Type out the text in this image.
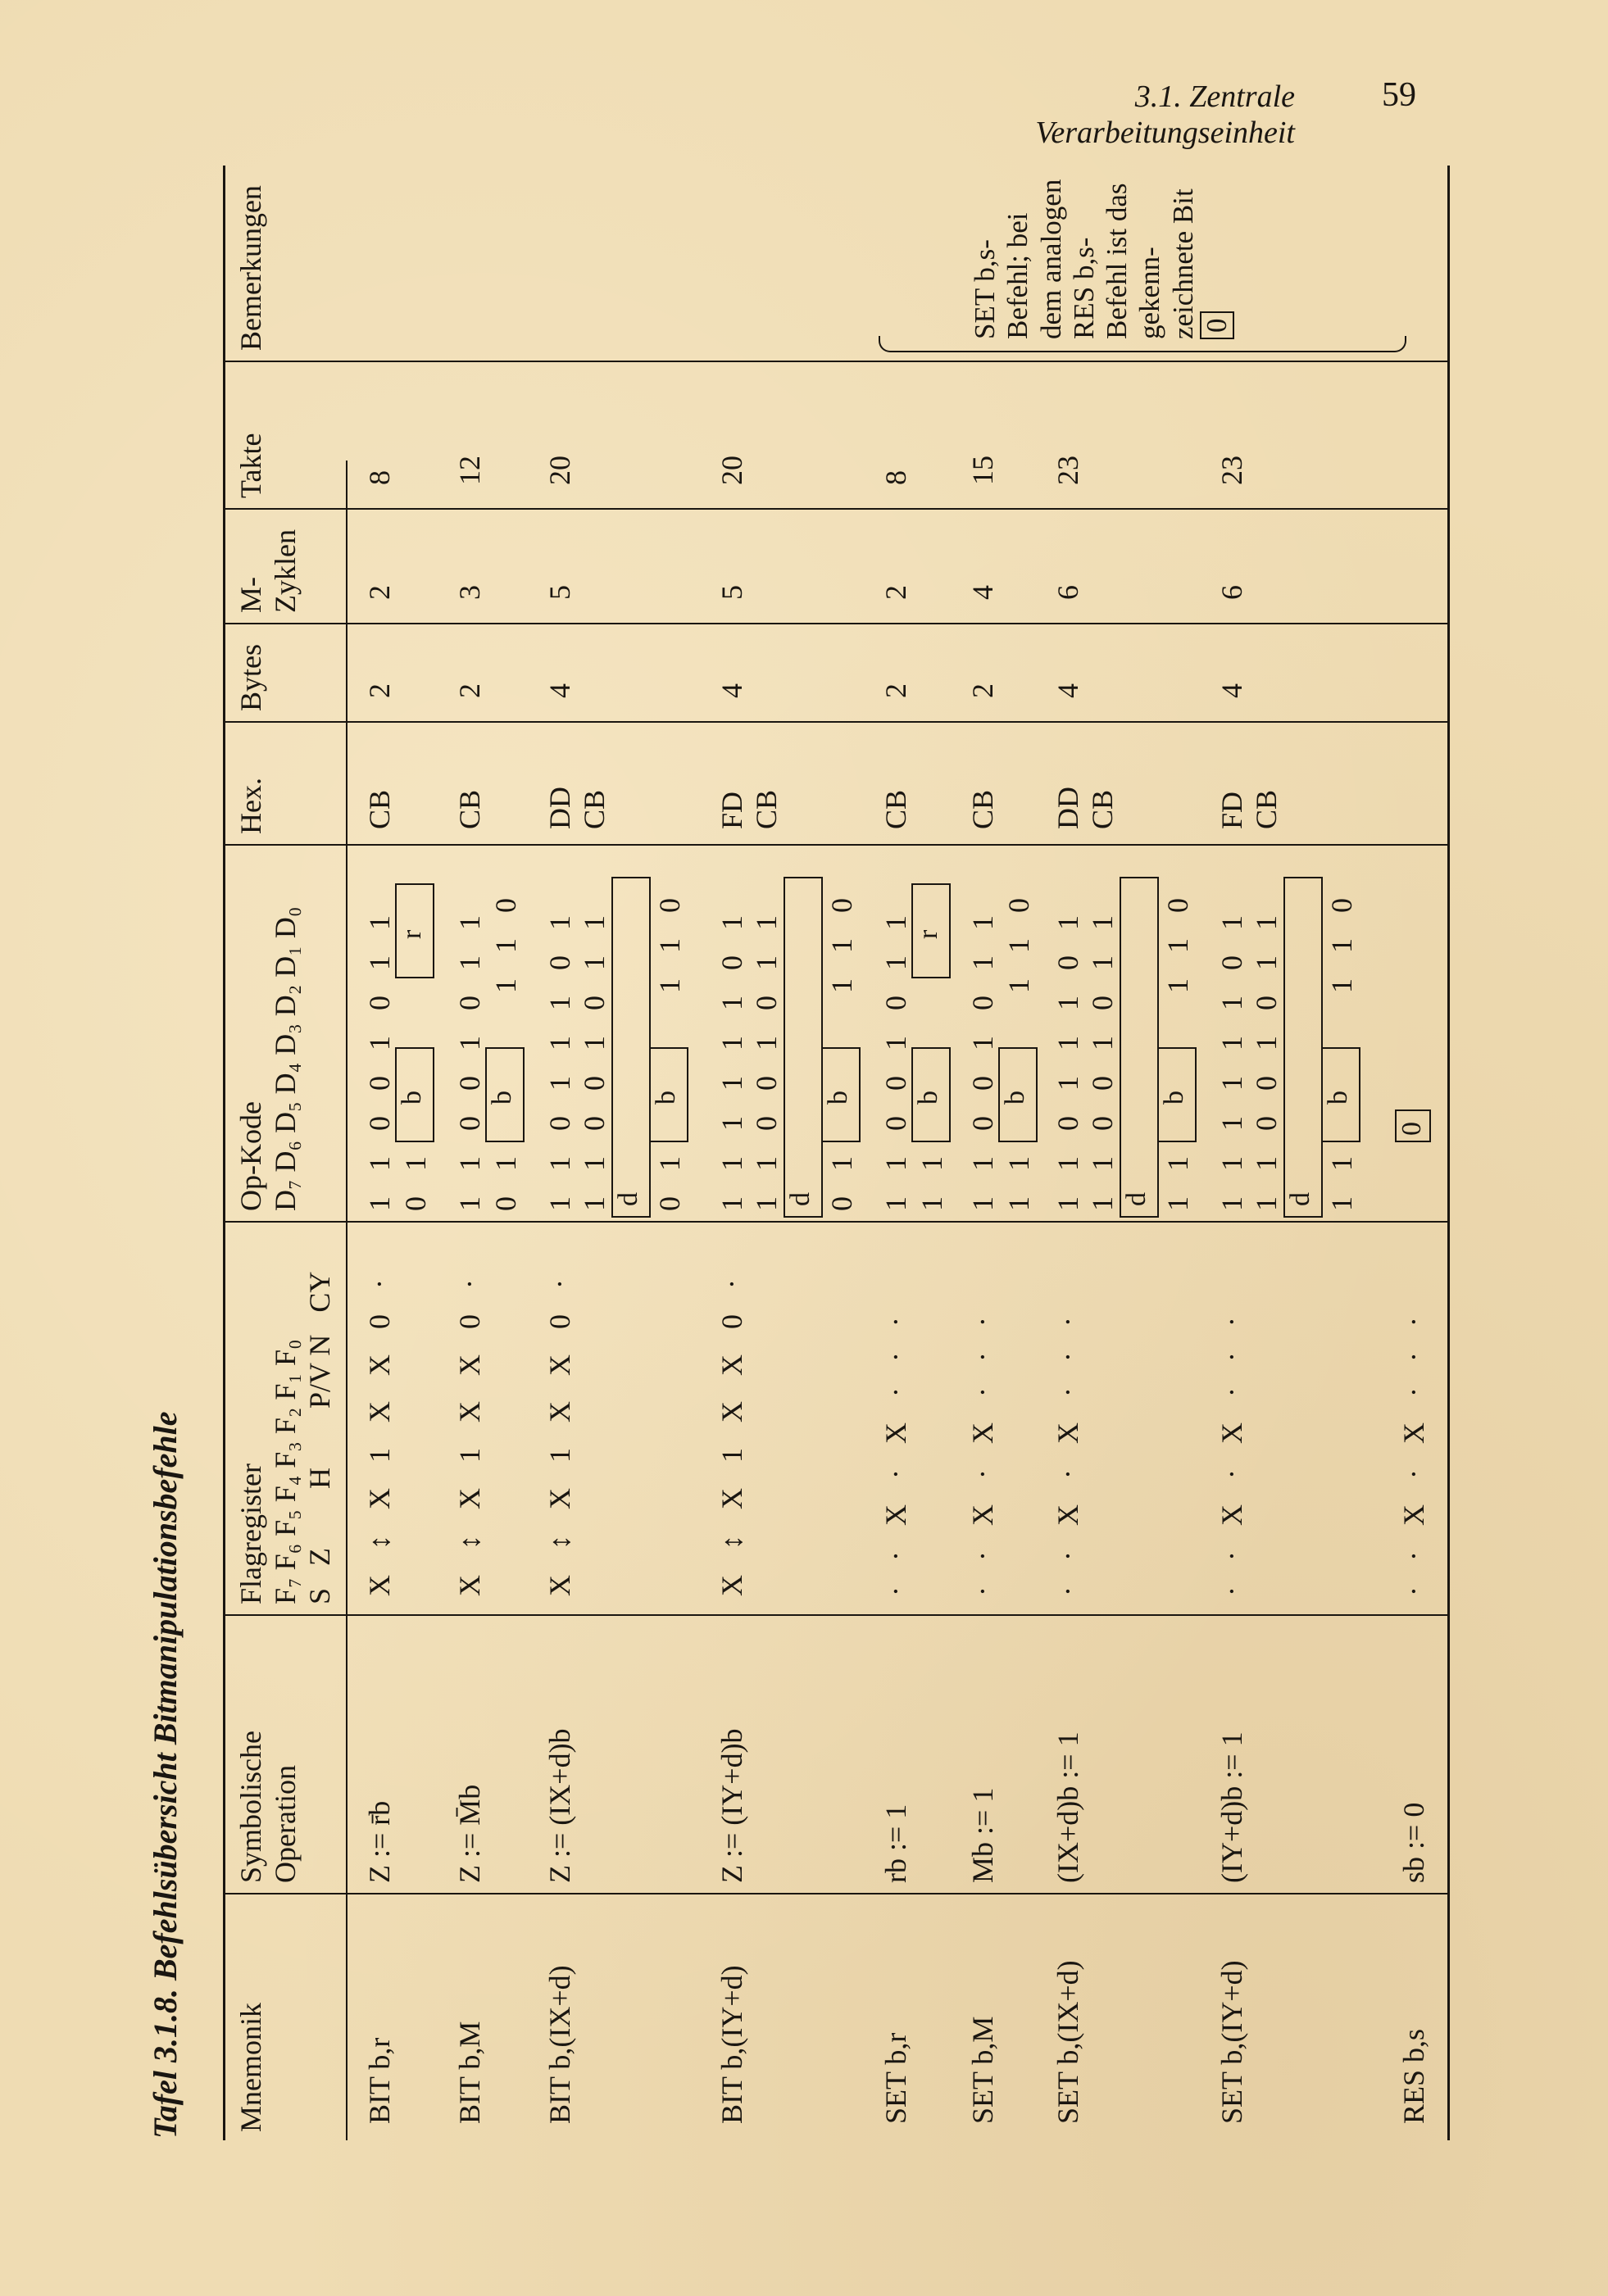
3.1. Zentrale Verarbeitungseinheit
59
Tafel 3.1.8. Befehlsübersicht Bitmanipulationsbefehle Mnemonik
Symbolische Operation
Flagregister F₇ F₆ F₅ F₄ F₃ F₂ F₁ F₀ S   Z        H        P/V N   CY
Op-Kode D₇ D₆ D₅ D₄ D₃ D₂ D₁ D₀
Hex.
Bytes
M- Zyklen
Takte
Bemerkungen
BIT b,r
Z := r̄b
X ↕ X 1 X X 0 ·
1 1 0 0 1 0 1 1 0 1
b
r
CB
2
2
8
BIT b,M
Z := M̄b
X ↕ X 1 X X 0 ·
1 1 0 0 1 0 1 1 0 1
b
1 1 0
CB
2
3
12
BIT b,(IX+d)
Z := (IX+d)b
X ↕ X 1 X X 0 ·
1 1 0 1 1 1 0 1 1 1 0 0 1 0 1 1 d 0 1
b
1 1 0
DD CB
4
5
20
BIT b,(IY+d)
Z := (IY+d)b
X ↕ X 1 X X 0 ·
1 1 1 1 1 1 0 1 1 1 0 0 1 0 1 1 d 0 1
b
1 1 0
FD CB
4
5
20
SET b,r
rb := 1
· · X · X · · ·
1 1 0 0 1 0 1 1 1 1
b
r
CB
2
2
8
SET b,M
Mb := 1
· · X · X · · ·
1 1 0 0 1 0 1 1 1 1
b
1 1 0
CB
2
4
15
SET b,(IX+d)
(IX+d)b := 1
· · X · X · · ·
1 1 0 1 1 1 0 1 1 1 0 0 1 0 1 1 d 1 1
b
1 1 0
DD CB
4
6
23
SET b,(IY+d)
(IY+d)b := 1
· · X · X · · ·
1 1 1 1 1 1 0 1 1 1 0 0 1 0 1 1 d 1 1
b
1 1 0
FD CB
4
6
23
RES b,s
sb := 0
· · X · X · · ·
0
SET b,s- Befehl; bei dem analogen RES b,s- Befehl ist das gekenn- zeichnete Bit 0
